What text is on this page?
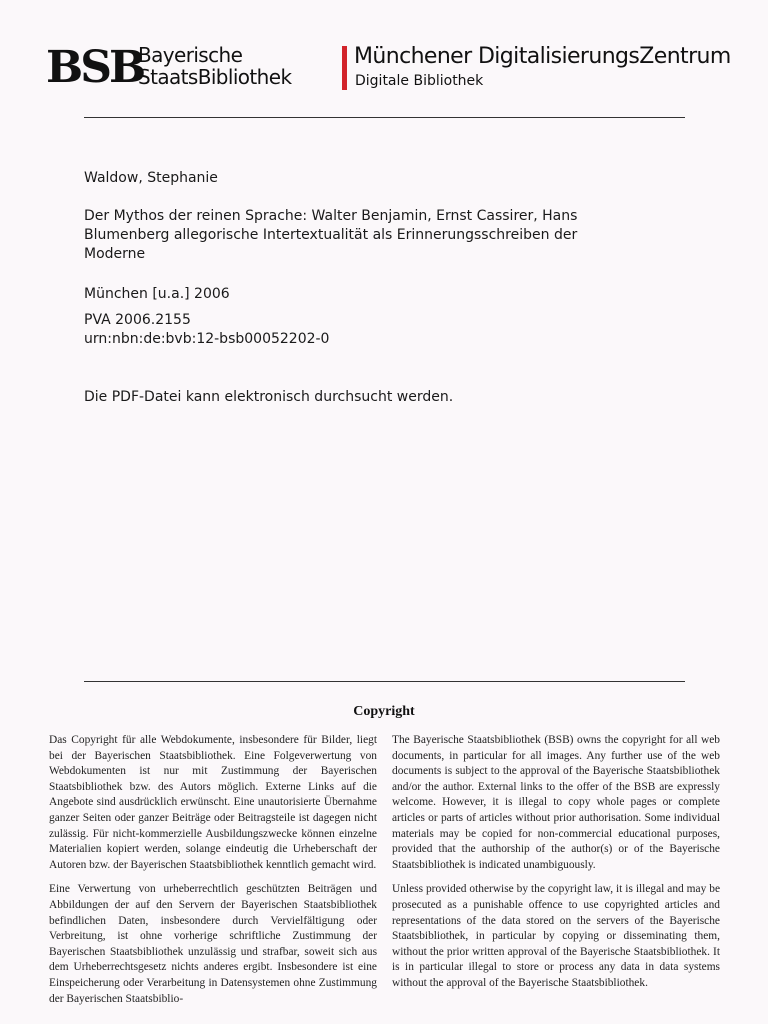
BSB
Bayerische
StaatsBibliothek
Münchener DigitalisierungsZentrum
Digitale Bibliothek
Waldow, Stephanie
Der Mythos der reinen Sprache: Walter Benjamin, Ernst Cassirer, Hans
Blumenberg allegorische Intertextualität als Erinnerungsschreiben der
Moderne
München [u.a.] 2006
PVA 2006.2155
urn:nbn:de:bvb:12-bsb00052202-0
Die PDF-Datei kann elektronisch durchsucht werden.
Copyright

Das Copyright für alle Webdokumente, insbesondere für Bilder, liegt bei der Bayerischen Staatsbibliothek. Eine Folgeverwertung von Webdokumenten ist nur mit Zustimmung der Bayerischen Staatsbibliothek bzw. des Autors möglich. Externe Links auf die Angebote sind ausdrücklich erwünscht. Eine unautorisierte Übernahme ganzer Seiten oder ganzer Beiträge oder Beitragsteile ist dagegen nicht zulässig. Für nicht-kommerzielle Ausbildungszwecke können einzelne Materialien kopiert werden, solange eindeutig die Urheberschaft der Autoren bzw. der Bayerischen Staatsbibliothek kenntlich gemacht wird.

Eine Verwertung von urheberrechtlich geschützten Beiträgen und Abbildungen der auf den Servern der Bayerischen Staatsbibliothek befindlichen Daten, insbesondere durch Vervielfältigung oder Verbreitung, ist ohne vorherige schriftliche Zustimmung der Bayerischen Staatsbibliothek unzulässig und strafbar, soweit sich aus dem Urheberrechtsgesetz nichts anderes ergibt. Insbesondere ist eine Einspeicherung oder Verarbeitung in Datensystemen ohne Zustimmung der Bayerischen Staatsbiblio-

The Bayerische Staatsbibliothek (BSB) owns the copyright for all web documents, in particular for all images. Any further use of the web documents is subject to the approval of the Bayerische Staatsbibliothek and/or the author. External links to the offer of the BSB are expressly welcome. However, it is illegal to copy whole pages or complete articles or parts of articles without prior authorisation. Some individual materials may be copied for non-commercial educational purposes, provided that the authorship of the author(s) or of the Bayerische Staatsbibliothek is indicated unambiguously.

Unless provided otherwise by the copyright law, it is illegal and may be prosecuted as a punishable offence to use copyrighted articles and representations of the data stored on the servers of the Bayerische Staatsbibliothek, in particular by copying or disseminating them, without the prior written approval of the Bayerische Staatsbibliothek. It is in particular illegal to store or process any data in data systems without the approval of the Bayerische Staatsbibliothek.
